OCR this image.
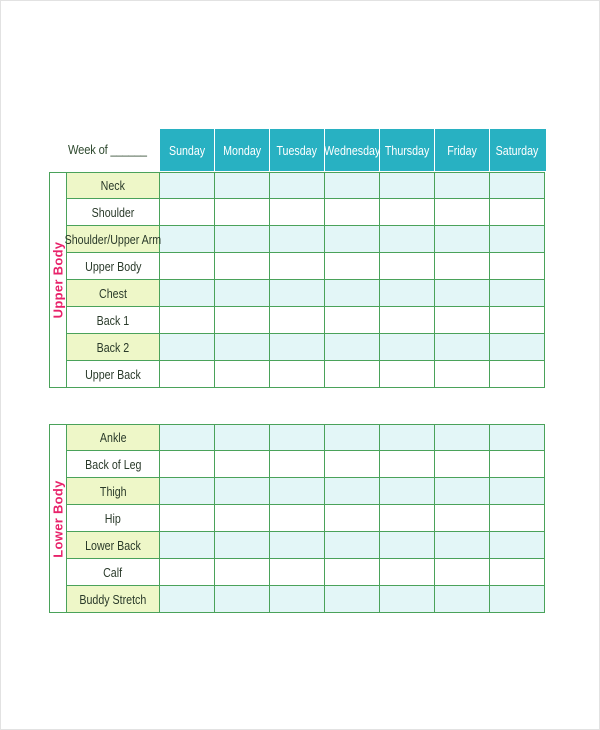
Week of ______ Sunday Monday Tuesday Wednesday Thursday Friday Saturday
Upper Body
Neck
Shoulder
Shoulder/Upper Arm
Upper Body
Chest
Back 1
Back 2
Upper Back
Lower Body
Ankle
Back of Leg
Thigh
Hip
Lower Back
Calf
Buddy Stretch
